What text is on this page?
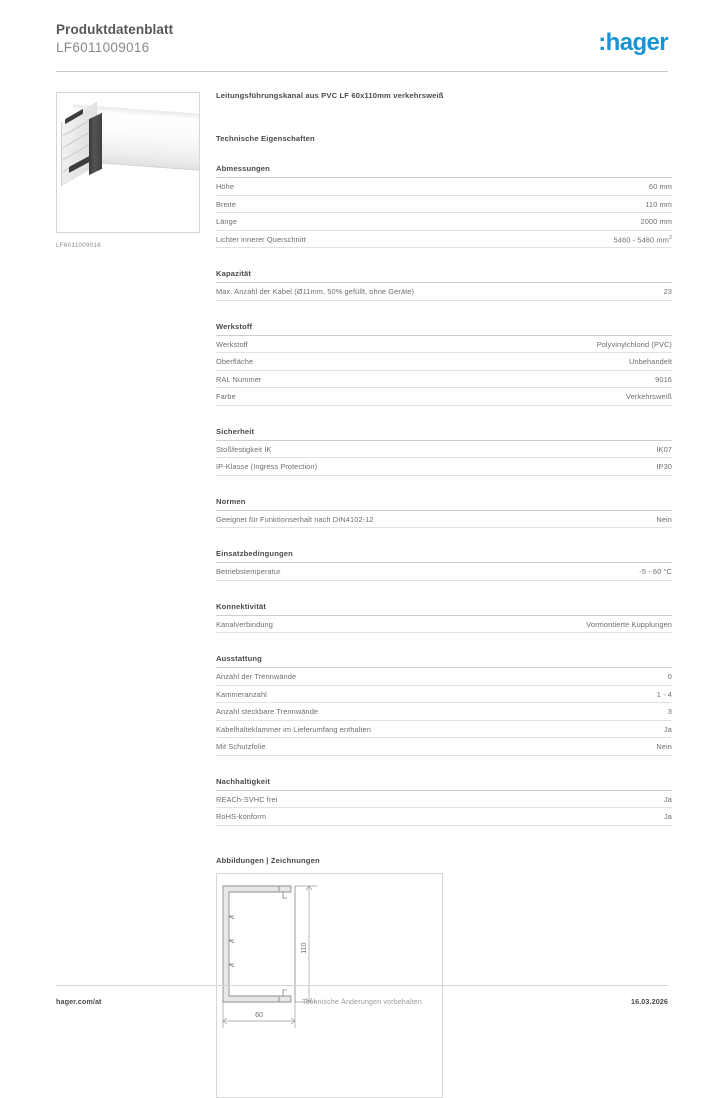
Produktdatenblatt
LF6011009016	:hager
LF6011009016
Leitungsführungskanal aus PVC LF 60x110mm verkehrsweiß
Technische Eigenschaften
Abmessungen
Höhe	60 mm
Breite	110 mm
Länge	2000 mm
Lichter innerer Querschnitt	5460 - 5460 $mm^2$
Kapazität
Max. Anzahl der Kabel (Ø11mm, 50% gefüllt, ohne Geräte)	23
Werkstoff
Werkstoff	Polyvinylchlorid (PVC)
Oberfläche	Unbehandelt
RAL Nummer	9016
Farbe	Verkehrsweiß
Sicherheit
Stoßfestigkeit IK	IK07
IP-Klasse (Ingress Protection)	IP30
Normen
Geeignet für Funktionserhalt nach DIN4102-12	Nein
Einsatzbedingungen
Betriebstemperatur	-5 - 60 °C
Konnektivität
Kanalverbindung	Vormontierte Kupplungen
Ausstattung
Anzahl der Trennwände	0
Kammeranzahl	1 - 4
Anzahl steckbare Trennwände	3
Kabelhalteklammer im Lieferumfang enthalten	Ja
Mit Schutzfolie	Nein
Nachhaltigkeit
REACh-SVHC frei	Ja
RoHS-konform	Ja
Abbildungen | Zeichnungen
110
60
hager.com/at	Technische Änderungen vorbehalten	16.03.2026
